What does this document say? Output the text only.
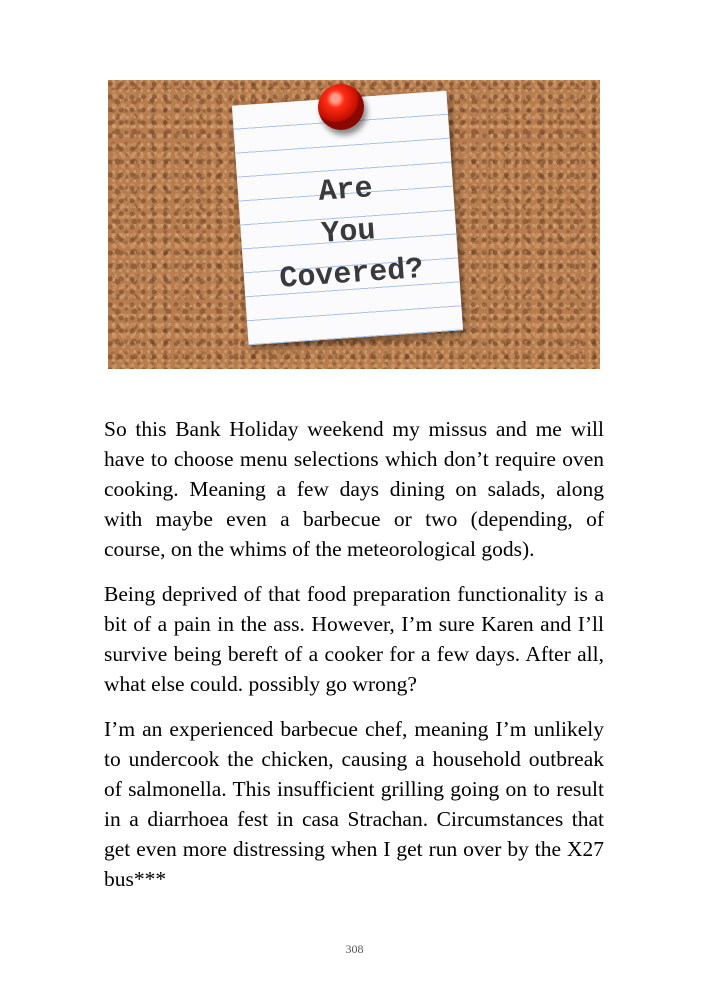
Are
You
Covered?

So this Bank Holiday weekend my missus and me will have to choose menu selections which don’t require oven cooking. Meaning a few days dining on salads, along with maybe even a barbecue or two (depending, of course, on the whims of the meteorological gods).

Being deprived of that food preparation functionality is a bit of a pain in the ass. However, I’m sure Karen and I’ll survive being bereft of a cooker for a few days. After all, what else could. possibly go wrong?

I’m an experienced barbecue chef, meaning I’m unlikely to undercook the chicken, causing a household outbreak of salmonella. This insufficient grilling going on to result in a diarrhoea fest in casa Strachan. Circumstances that get even more distressing when I get run over by the X27 bus***

308
